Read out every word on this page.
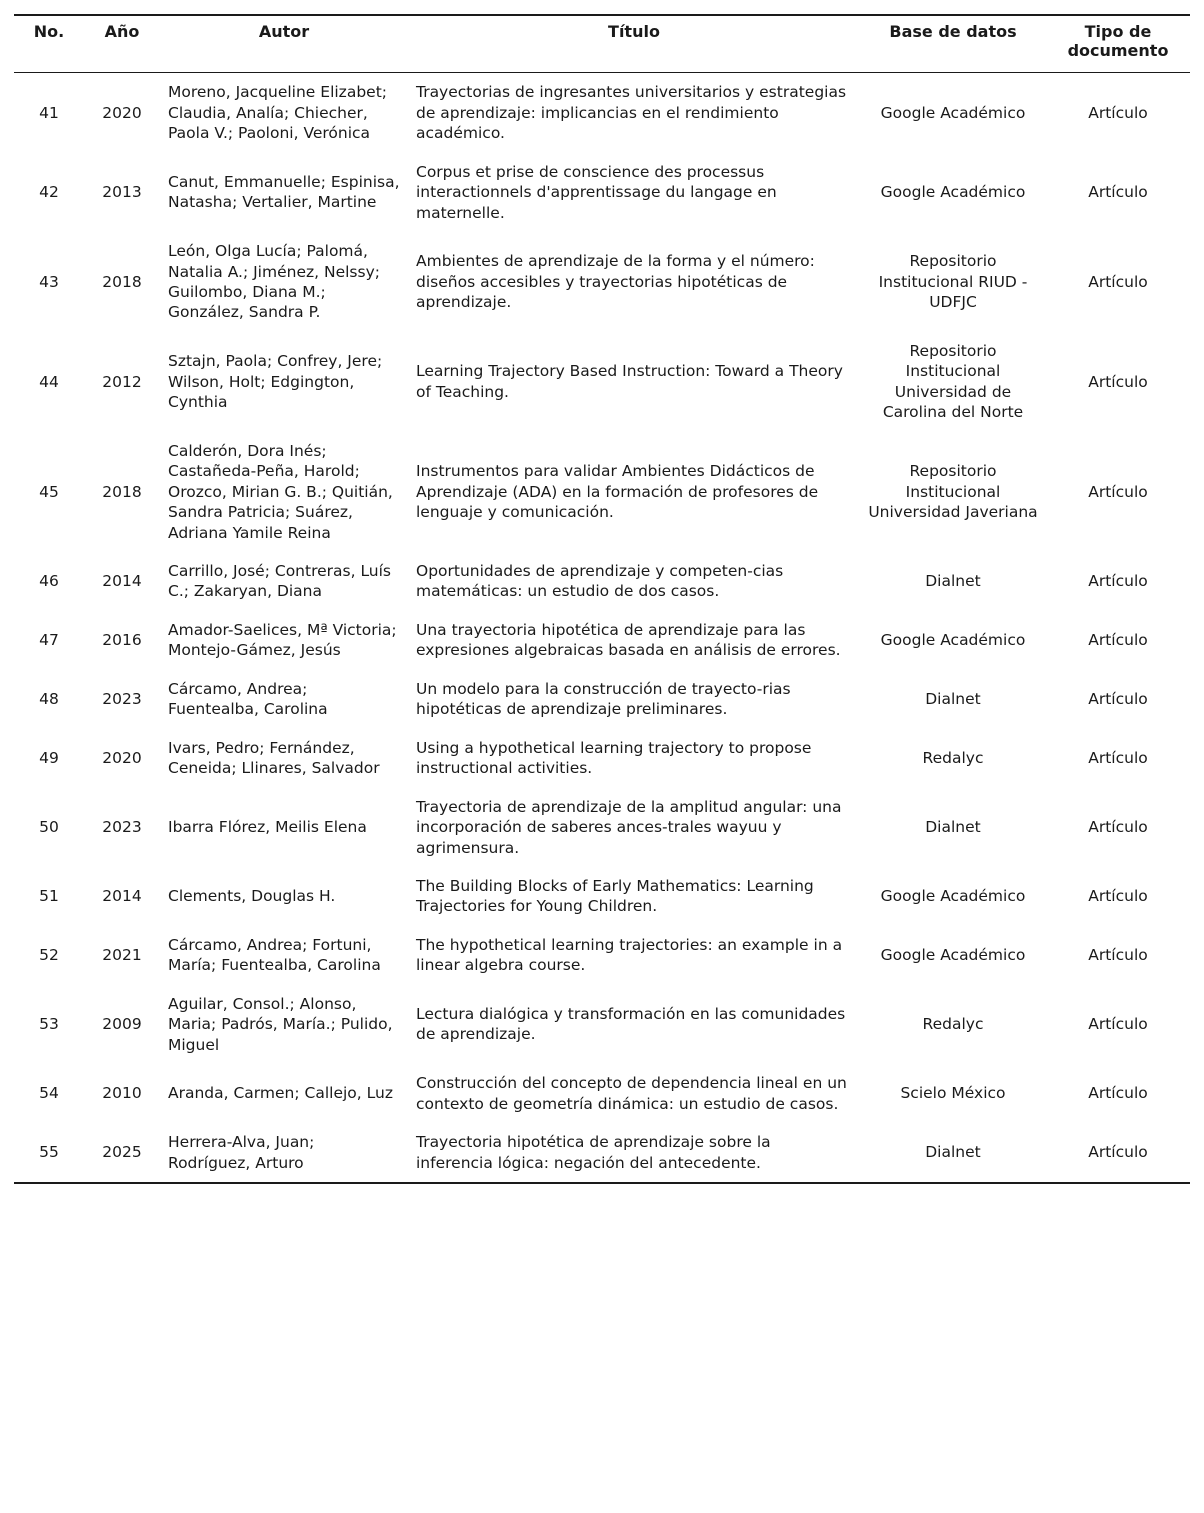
No.	Año	Autor	Título	Base de datos	Tipo de documento
41	2020	Moreno, Jacqueline Elizabet; Claudia, Analía; Chiecher, Paola V.; Paoloni, Verónica	Trayectorias de ingresantes universitarios y estrategias de aprendizaje: implicancias en el rendimiento académico.	Google Académico	Artículo
42	2013	Canut, Emmanuelle; Espinisa, Natasha; Vertalier, Martine	Corpus et prise de conscience des processus interactionnels d'apprentissage du langage en maternelle.	Google Académico	Artículo
43	2018	León, Olga Lucía; Palomá, Natalia A.; Jiménez, Nelssy; Guilombo, Diana M.; González, Sandra P.	Ambientes de aprendizaje de la forma y el número: diseños accesibles y trayectorias hipotéticas de aprendizaje.	Repositorio Institucional RIUD - UDFJC	Artículo
44	2012	Sztajn, Paola; Confrey, Jere; Wilson, Holt; Edgington, Cynthia	Learning Trajectory Based Instruction: Toward a Theory of Teaching.	Repositorio Institucional Universidad de Carolina del Norte	Artículo
45	2018	Calderón, Dora Inés; Castañeda-Peña, Harold; Orozco, Mirian G. B.; Quitián, Sandra Patricia; Suárez, Adriana Yamile Reina	Instrumentos para validar Ambientes Didácticos de Aprendizaje (ADA) en la formación de profesores de lenguaje y comunicación.	Repositorio Institucional Universidad Javeriana	Artículo
46	2014	Carrillo, José; Contreras, Luís C.; Zakaryan, Diana	Oportunidades de aprendizaje y competen-cias matemáticas: un estudio de dos casos.	Dialnet	Artículo
47	2016	Amador-Saelices, Mª Victoria; Montejo-Gámez, Jesús	Una trayectoria hipotética de aprendizaje para las expresiones algebraicas basada en análisis de errores.	Google Académico	Artículo
48	2023	Cárcamo, Andrea; Fuentealba, Carolina	Un modelo para la construcción de trayecto-rias hipotéticas de aprendizaje preliminares.	Dialnet	Artículo
49	2020	Ivars, Pedro; Fernández, Ceneida; Llinares, Salvador	Using a hypothetical learning trajectory to propose instructional activities.	Redalyc	Artículo
50	2023	Ibarra Flórez, Meilis Elena	Trayectoria de aprendizaje de la amplitud angular: una incorporación de saberes ances-trales wayuu y agrimensura.	Dialnet	Artículo
51	2014	Clements, Douglas H.	The Building Blocks of Early Mathematics: Learning Trajectories for Young Children.	Google Académico	Artículo
52	2021	Cárcamo, Andrea; Fortuni, María; Fuentealba, Carolina	The hypothetical learning trajectories: an example in a linear algebra course.	Google Académico	Artículo
53	2009	Aguilar, Consol.; Alonso, Maria; Padrós, María.; Pulido, Miguel	Lectura dialógica y transformación en las comunidades de aprendizaje.	Redalyc	Artículo
54	2010	Aranda, Carmen; Callejo, Luz	Construcción del concepto de dependencia lineal en un contexto de geometría dinámica: un estudio de casos.	Scielo México	Artículo
55	2025	Herrera-Alva, Juan; Rodríguez, Arturo	Trayectoria hipotética de aprendizaje sobre la inferencia lógica: negación del antecedente.	Dialnet	Artículo
